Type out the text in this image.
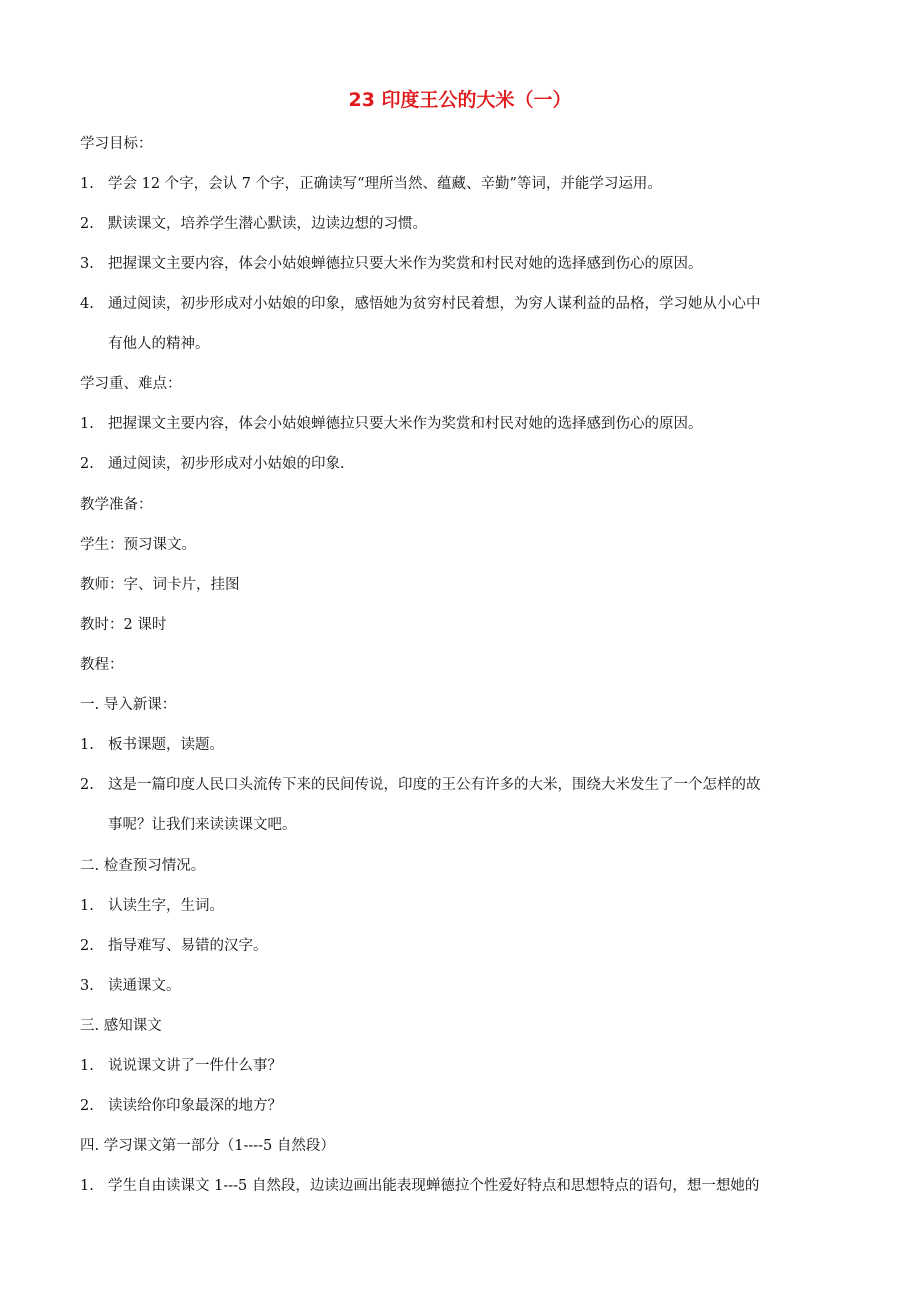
23 印度王公的大米（一）
学习目标：
1. 学会 12 个字，会认 7 个字，正确读写“理所当然、蕴藏、辛勤”等词，并能学习运用。
2. 默读课文，培养学生潜心默读，边读边想的习惯。
3. 把握课文主要内容，体会小姑娘蝉德拉只要大米作为奖赏和村民对她的选择感到伤心的原因。
4. 通过阅读，初步形成对小姑娘的印象，感悟她为贫穷村民着想，为穷人谋利益的品格，学习她从小心中
有他人的精神。
学习重、难点：
1. 把握课文主要内容，体会小姑娘蝉德拉只要大米作为奖赏和村民对她的选择感到伤心的原因。
2. 通过阅读，初步形成对小姑娘的印象.
教学准备：
学生：预习课文。
教师：字、词卡片，挂图
教时：2 课时
教程：
一. 导入新课：
1. 板书课题，读题。
2. 这是一篇印度人民口头流传下来的民间传说，印度的王公有许多的大米，围绕大米发生了一个怎样的故
事呢？让我们来读读课文吧。
二. 检查预习情况。
1. 认读生字，生词。
2. 指导难写、易错的汉字。
3. 读通课文。
三. 感知课文
1. 说说课文讲了一件什么事？
2. 读读给你印象最深的地方？
四. 学习课文第一部分（1----5 自然段）
1. 学生自由读课文 1---5 自然段，边读边画出能表现蝉德拉个性爱好特点和思想特点的语句，想一想她的
